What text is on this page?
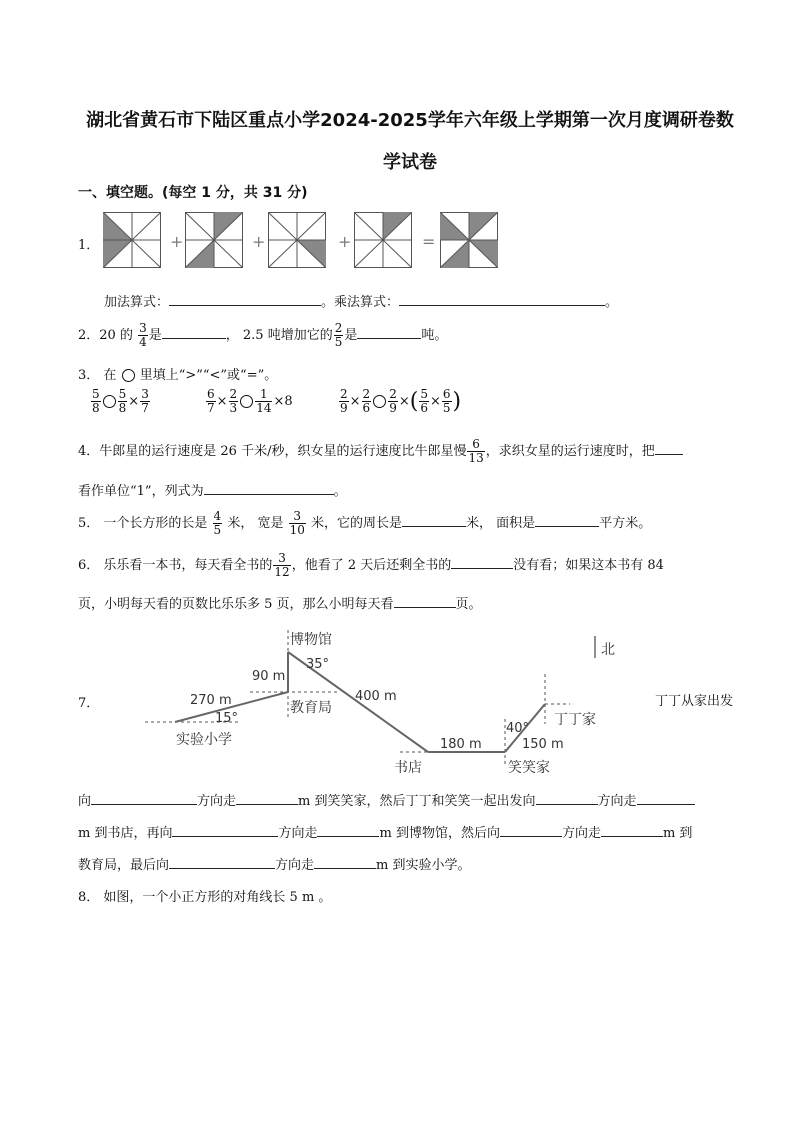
湖北省黄石市下陆区重点小学2024-2025学年六年级上学期第一次月度调研卷数
学试卷
一、填空题。(每空 1 分，共 31 分)
1．	+	+	+	=
加法算式：	。乘法算式：	。
2．20 的 $\frac{3}{4}$ 是	， 2.5 吨增加它的 $\frac{2}{5}$ 是	吨。
3． 在 里填上“>”“<”或“=”。
$\frac{5}{8} \frac{5}{8} \times \frac{3}{7}$	$\frac{6}{7} \times \frac{2}{3} \frac{1}{14} \times 8$	$\frac{2}{9} \times \frac{2}{6} \frac{2}{9}$ ×( $\frac{5}{6} \times \frac{6}{5}$ )
4．牛郎星的运行速度是 26 千米/秒，织女星的运行速度比牛郎星慢 $\frac{6}{13}$ ，求织女星的运行速度时，把
看作单位“1”，列式为	。
5． 一个长方形的长是 $\frac{4}{5}$ 米， 宽是 $\frac{3}{10}$ 米，它的周长是	米， 面积是	平方米。
6． 乐乐看一本书，每天看全书的 $\frac{3}{12}$ ，他看了 2 天后还剩全书的	没有看；如果这本书有 84
页，小明每天看的页数比乐乐多 5 页，那么小明每天看	页。
7．
北
博物馆
35°
90 m
270 m
15°
教育局
实验小学
400 m
180 m
书店	笑笑家
150 m
40°
丁丁家
丁丁从家出发
向	方向走	m 到笑笑家，然后丁丁和笑笑一起出发向	方向走
m 到书店，再向	方向走	m 到博物馆，然后向	方向走	m 到
教育局，最后向	方向走	m 到实验小学。
8． 如图，一个小正方形的对角线长 5 m 。
